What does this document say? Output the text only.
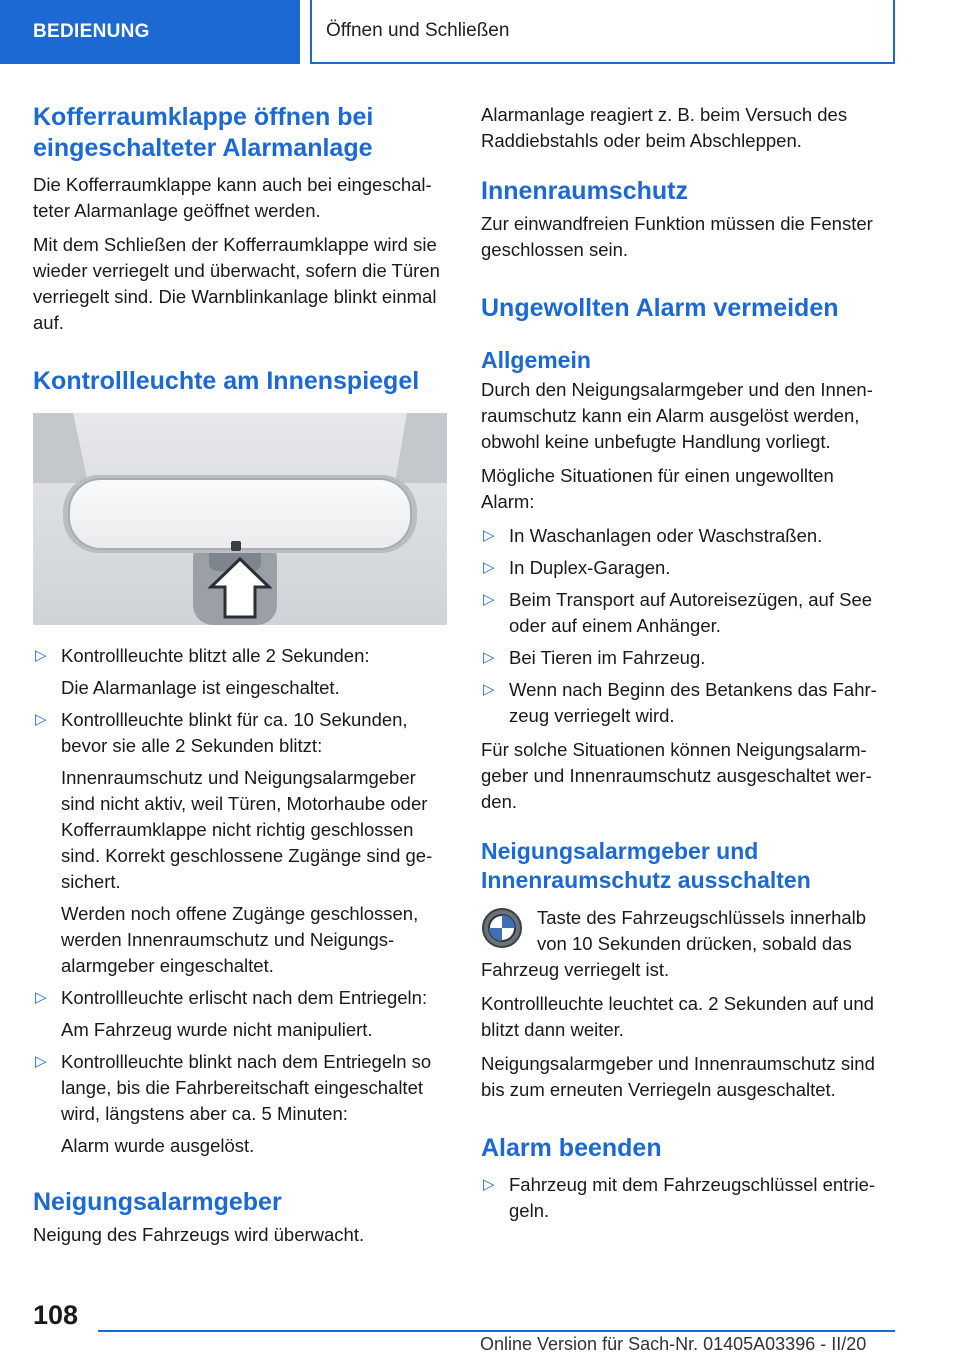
BEDIENUNG	Öffnen und Schließen
Kofferraumklappe öffnen bei eingeschalteter Alarmanlage

Die Kofferraumklappe kann auch bei eingeschalteter Alarmanlage geöffnet werden.

Mit dem Schließen der Kofferraumklappe wird sie wieder verriegelt und überwacht, sofern die Türen verriegelt sind. Die Warnblinkanlage blinkt einmal auf.

Kontrollleuchte am Innenspiegel
▷ Kontrollleuchte blitzt alle 2 Sekunden:
Die Alarmanlage ist eingeschaltet.
▷ Kontrollleuchte blinkt für ca. 10 Sekunden, bevor sie alle 2 Sekunden blitzt:
Innenraumschutz und Neigungsalarmgeber sind nicht aktiv, weil Türen, Motorhaube oder Kofferraumklappe nicht richtig geschlossen sind. Korrekt geschlossene Zugänge sind gesichert.
Werden noch offene Zugänge geschlossen, werden Innenraumschutz und Neigungsalarmgeber eingeschaltet.
▷ Kontrollleuchte erlischt nach dem Entriegeln:
Am Fahrzeug wurde nicht manipuliert.
▷ Kontrollleuchte blinkt nach dem Entriegeln so lange, bis die Fahrbereitschaft eingeschaltet wird, längstens aber ca. 5 Minuten:
Alarm wurde ausgelöst.
Neigungsalarmgeber

Neigung des Fahrzeugs wird überwacht.

Alarmanlage reagiert z. B. beim Versuch des Raddiebstahls oder beim Abschleppen.

Innenraumschutz

Zur einwandfreien Funktion müssen die Fenster geschlossen sein.

Ungewollten Alarm vermeiden
Allgemein

Durch den Neigungsalarmgeber und den Innenraumschutz kann ein Alarm ausgelöst werden, obwohl keine unbefugte Handlung vorliegt.

Mögliche Situationen für einen ungewollten Alarm:

▷ In Waschanlagen oder Waschstraßen.
▷ In Duplex-Garagen.
▷ Beim Transport auf Autoreisezügen, auf See oder auf einem Anhänger.
▷ Bei Tieren im Fahrzeug.
▷ Wenn nach Beginn des Betankens das Fahrzeug verriegelt wird.

Für solche Situationen können Neigungsalarmgeber und Innenraumschutz ausgeschaltet werden.

Neigungsalarmgeber und Innenraumschutz ausschalten

Taste des Fahrzeugschlüssels innerhalb von 10 Sekunden drücken, sobald das Fahrzeug verriegelt ist.

Kontrollleuchte leuchtet ca. 2 Sekunden auf und blitzt dann weiter.

Neigungsalarmgeber und Innenraumschutz sind bis zum erneuten Verriegeln ausgeschaltet.

Alarm beenden
▷ Fahrzeug mit dem Fahrzeugschlüssel entriegeln.
108
Online Version für Sach-Nr. 01405A03396 - II/20
